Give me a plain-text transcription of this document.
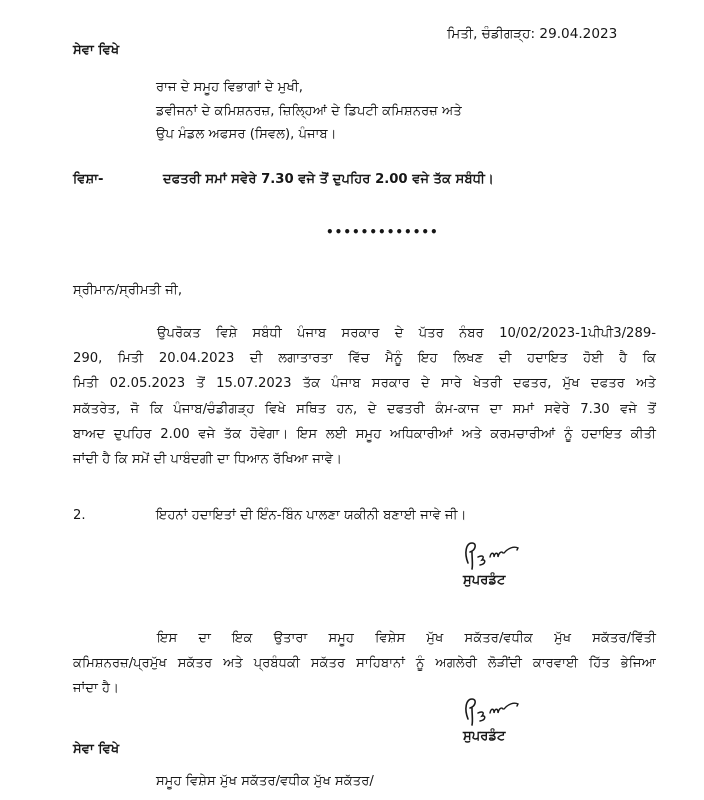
ਮਿਤੀ, ਚੰਡੀਗੜ੍ਹ: 29.04.2023
ਸੇਵਾ ਵਿਖੇ
ਰਾਜ ਦੇ ਸਮੂਹ ਵਿਭਾਗਾਂ ਦੇ ਮੁਖੀ,
ਡਵੀਜਨਾਂ ਦੇ ਕਮਿਸ਼ਨਰਜ਼, ਜ਼ਿਲ੍ਹਿਆਂ ਦੇ ਡਿਪਟੀ ਕਮਿਸ਼ਨਰਜ਼ ਅਤੇ
ਉਪ ਮੰਡਲ ਅਫਸਰ (ਸਿਵਲ), ਪੰਜਾਬ।
ਵਿਸ਼ਾ-	ਦਫਤਰੀ ਸਮਾਂ ਸਵੇਰੇ 7.30 ਵਜੇ ਤੋਂ ਦੁਪਹਿਰ 2.00 ਵਜੇ ਤੱਕ ਸਬੰਧੀ।
•••••••••••••
ਸ੍ਰੀਮਾਨ/ਸ੍ਰੀਮਤੀ ਜੀ,
ਉਪਰੋਕਤ ਵਿਸ਼ੇ ਸਬੰਧੀ ਪੰਜਾਬ ਸਰਕਾਰ ਦੇ ਪੱਤਰ ਨੰਬਰ 10/02/2023-1ਪੀਪੀ3/289-
290, ਮਿਤੀ 20.04.2023 ਦੀ ਲਗਾਤਾਰਤਾ ਵਿੱਚ ਮੈਨੂੰ ਇਹ ਲਿਖਣ ਦੀ ਹਦਾਇਤ ਹੋਈ ਹੈ ਕਿ
ਮਿਤੀ 02.05.2023 ਤੋਂ 15.07.2023 ਤੱਕ ਪੰਜਾਬ ਸਰਕਾਰ ਦੇ ਸਾਰੇ ਖੇਤਰੀ ਦਫਤਰ, ਮੁੱਖ ਦਫਤਰ ਅਤੇ
ਸਕੱਤਰੇਤ, ਜੋ ਕਿ ਪੰਜਾਬ/ਚੰਡੀਗੜ੍ਹ ਵਿਖੇ ਸਥਿਤ ਹਨ, ਦੇ ਦਫਤਰੀ ਕੰਮ-ਕਾਜ ਦਾ ਸਮਾਂ ਸਵੇਰੇ 7.30 ਵਜੇ ਤੋਂ
ਬਾਅਦ ਦੁਪਹਿਰ 2.00 ਵਜੇ ਤੱਕ ਹੋਵੇਗਾ। ਇਸ ਲਈ ਸਮੂਹ ਅਧਿਕਾਰੀਆਂ ਅਤੇ ਕਰਮਚਾਰੀਆਂ ਨੂੰ ਹਦਾਇਤ ਕੀਤੀ
ਜਾਂਦੀ ਹੈ ਕਿ ਸਮੇਂ ਦੀ ਪਾਬੰਦਗੀ ਦਾ ਧਿਆਨ ਰੱਖਿਆ ਜਾਵੇ।
2.	ਇਹਨਾਂ ਹਦਾਇਤਾਂ ਦੀ ਇੰਨ-ਬਿੰਨ ਪਾਲਣਾ ਯਕੀਨੀ ਬਣਾਈ ਜਾਵੇ ਜੀ।
ਸੁਪਰਡੰਟ
ਇਸ ਦਾ ਇਕ ਉਤਾਰਾ ਸਮੂਹ ਵਿਸ਼ੇਸ ਮੁੱਖ ਸਕੱਤਰ/ਵਧੀਕ ਮੁੱਖ ਸਕੱਤਰ/ਵਿੱਤੀ
ਕਮਿਸ਼ਨਰਜ਼/ਪ੍ਰਮੁੱਖ ਸਕੱਤਰ ਅਤੇ ਪ੍ਰਬੰਧਕੀ ਸਕੱਤਰ ਸਾਹਿਬਾਨਾਂ ਨੂੰ ਅਗਲੇਰੀ ਲੋੜੀਂਦੀ ਕਾਰਵਾਈ ਹਿੱਤ ਭੇਜਿਆ
ਜਾਂਦਾ ਹੈ।
ਸੁਪਰਡੰਟ
ਸੇਵਾ ਵਿਖੇ
ਸਮੂਹ ਵਿਸ਼ੇਸ ਮੁੱਖ ਸਕੱਤਰ/ਵਧੀਕ ਮੁੱਖ ਸਕੱਤਰ/
